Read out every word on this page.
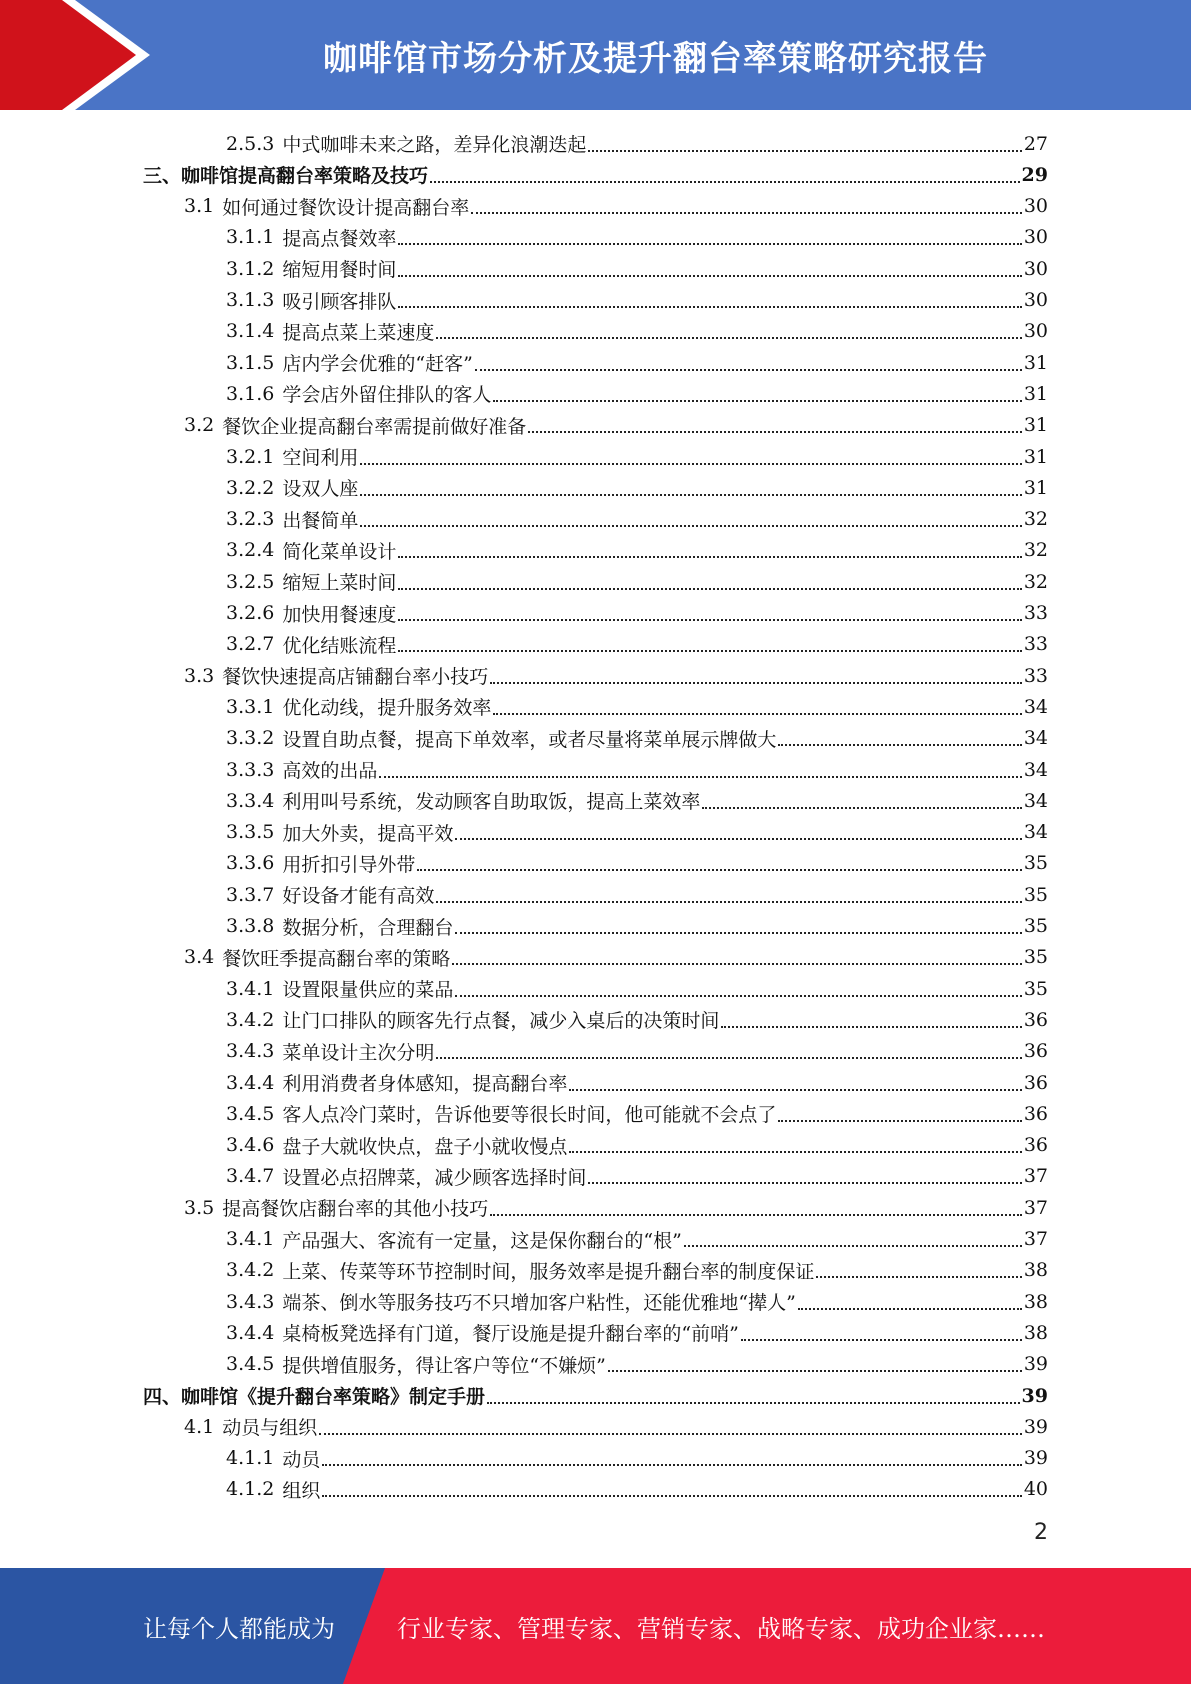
咖啡馆市场分析及提升翻台率策略研究报告
2.5.3 中式咖啡未来之路，差异化浪潮迭起	27
三、咖啡馆提高翻台率策略及技巧	29
3.1 如何通过餐饮设计提高翻台率	30
3.1.1 提高点餐效率	30
3.1.2 缩短用餐时间	30
3.1.3 吸引顾客排队	30
3.1.4 提高点菜上菜速度	30
3.1.5 店内学会优雅的“赶客”	31
3.1.6 学会店外留住排队的客人	31
3.2 餐饮企业提高翻台率需提前做好准备	31
3.2.1 空间利用	31
3.2.2 设双人座	31
3.2.3 出餐简单	32
3.2.4 简化菜单设计	32
3.2.5 缩短上菜时间	32
3.2.6 加快用餐速度	33
3.2.7 优化结账流程	33
3.3 餐饮快速提高店铺翻台率小技巧	33
3.3.1 优化动线，提升服务效率	34
3.3.2 设置自助点餐，提高下单效率，或者尽量将菜单展示牌做大	34
3.3.3 高效的出品	34
3.3.4 利用叫号系统，发动顾客自助取饭，提高上菜效率	34
3.3.5 加大外卖，提高平效	34
3.3.6 用折扣引导外带	35
3.3.7 好设备才能有高效	35
3.3.8 数据分析，合理翻台	35
3.4 餐饮旺季提高翻台率的策略	35
3.4.1 设置限量供应的菜品	35
3.4.2 让门口排队的顾客先行点餐，减少入桌后的决策时间	36
3.4.3 菜单设计主次分明	36
3.4.4 利用消费者身体感知，提高翻台率	36
3.4.5 客人点冷门菜时，告诉他要等很长时间，他可能就不会点了	36
3.4.6 盘子大就收快点，盘子小就收慢点	36
3.4.7 设置必点招牌菜，减少顾客选择时间	37
3.5 提高餐饮店翻台率的其他小技巧	37
3.4.1 产品强大、客流有一定量，这是保你翻台的“根”	37
3.4.2 上菜、传菜等环节控制时间，服务效率是提升翻台率的制度保证	38
3.4.3 端茶、倒水等服务技巧不只增加客户粘性，还能优雅地“撵人”	38
3.4.4 桌椅板凳选择有门道，餐厅设施是提升翻台率的“前哨”	38
3.4.5 提供增值服务，得让客户等位“不嫌烦”	39
四、咖啡馆《提升翻台率策略》制定手册	39
4.1 动员与组织	39
4.1.1 动员	39
4.1.2 组织	40
2
让每个人都能成为	行业专家、管理专家、营销专家、战略专家、成功企业家……
